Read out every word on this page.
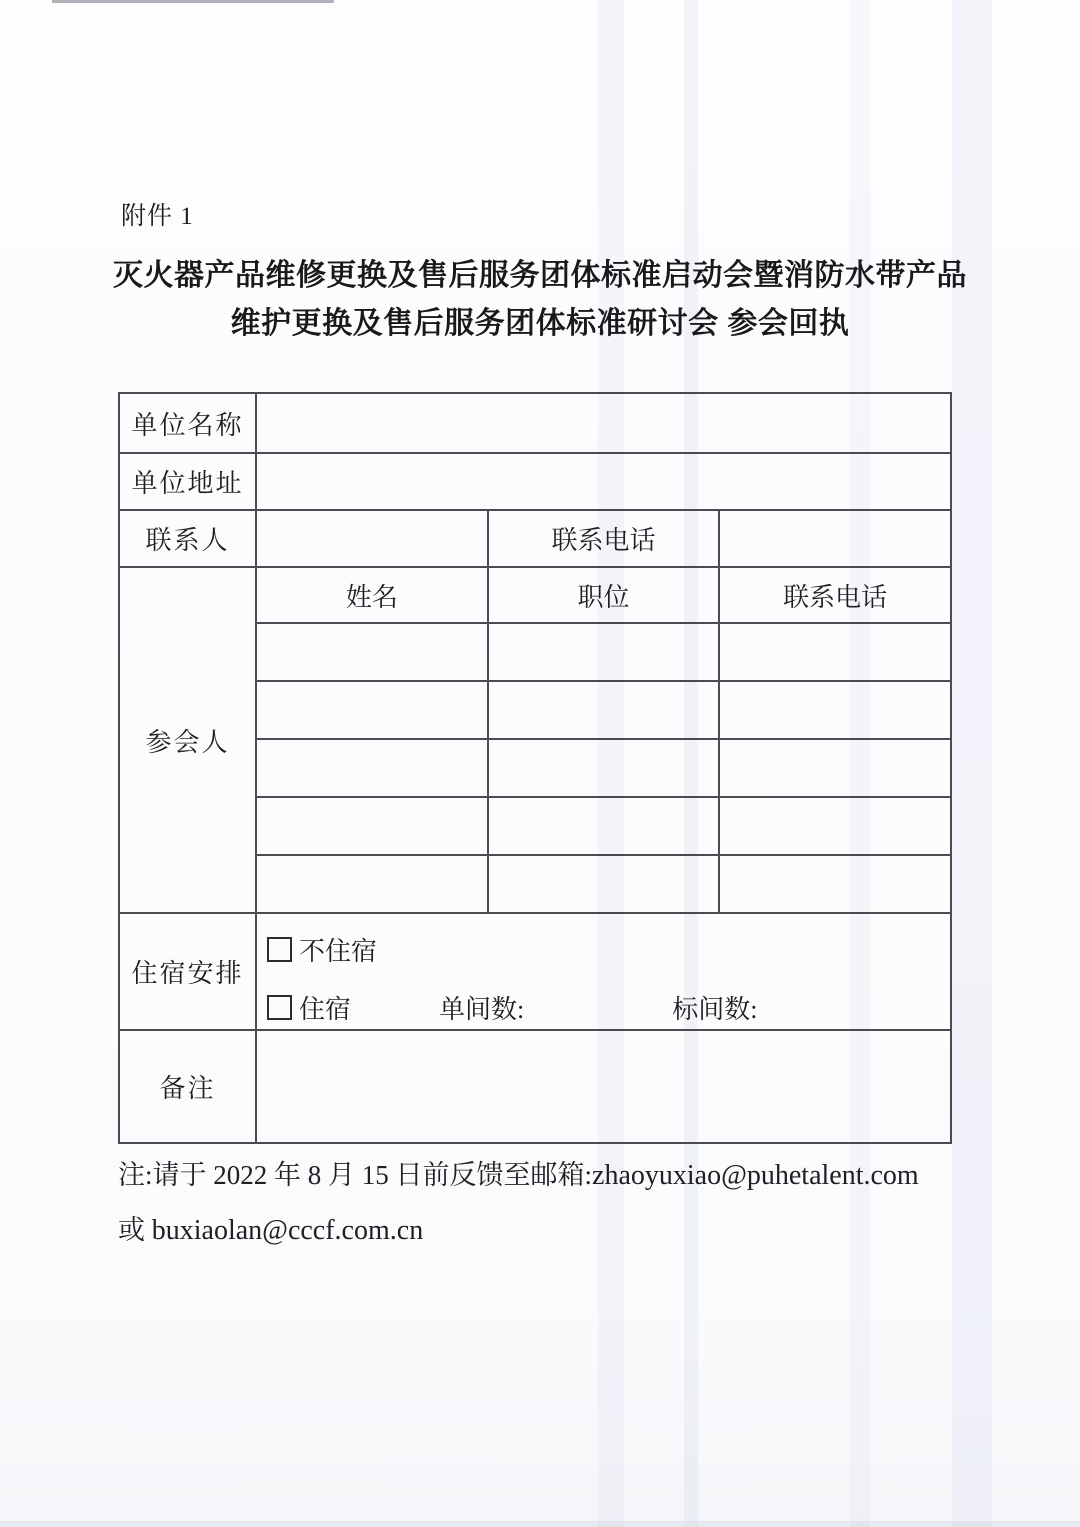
附件 1
灭火器产品维修更换及售后服务团体标准启动会暨消防水带产品
维护更换及售后服务团体标准研讨会 参会回执
单位名称			
单位地址			
联系人		联系电话	
参会人	姓名	职位	联系电话

住宿安排	不住宿
住宿 单间数: 标间数:		

备注			
注:请于 2022 年 8 月 15 日前反馈至邮箱:zhaoyuxiao@puhetalent.com
或 buxiaolan@cccf.com.cn
